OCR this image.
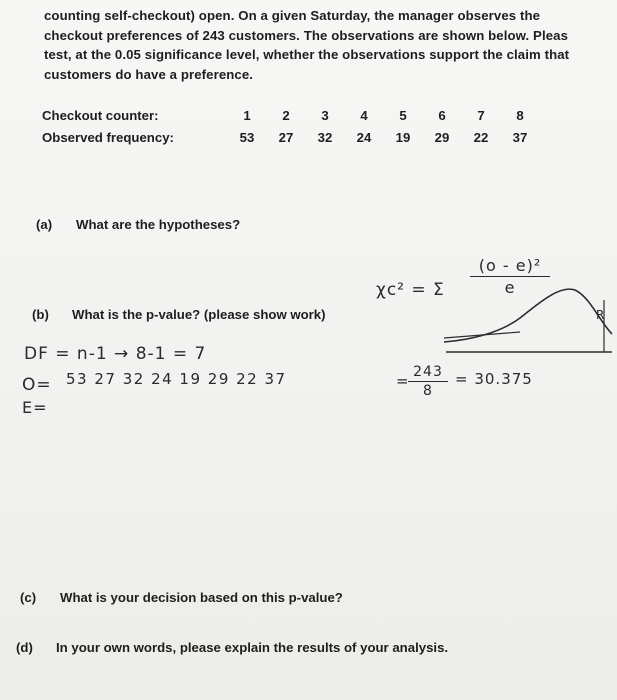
counting self-checkout) open. On a given Saturday, the manager observes the
checkout preferences of 243 customers. The observations are shown below. Pleas
test, at the 0.05 significance level, whether the observations support the claim that
customers do have a preference.
Checkout counter:	1	2	3	4	5	6	7	8
Observed frequency:	53	27	32	24	19	29	22	37
(a) What are the hypotheses?
(b) What is the p-value? (please show work)
(c) What is your decision based on this p-value?
(d) In your own words, please explain the results of your analysis.
χc² = Σ
(o - e)²
e
R
DF = n-1 → 8-1 = 7
O= 53 27 32 24 19 29 22 37	= 243
8
= 30.375
E=
